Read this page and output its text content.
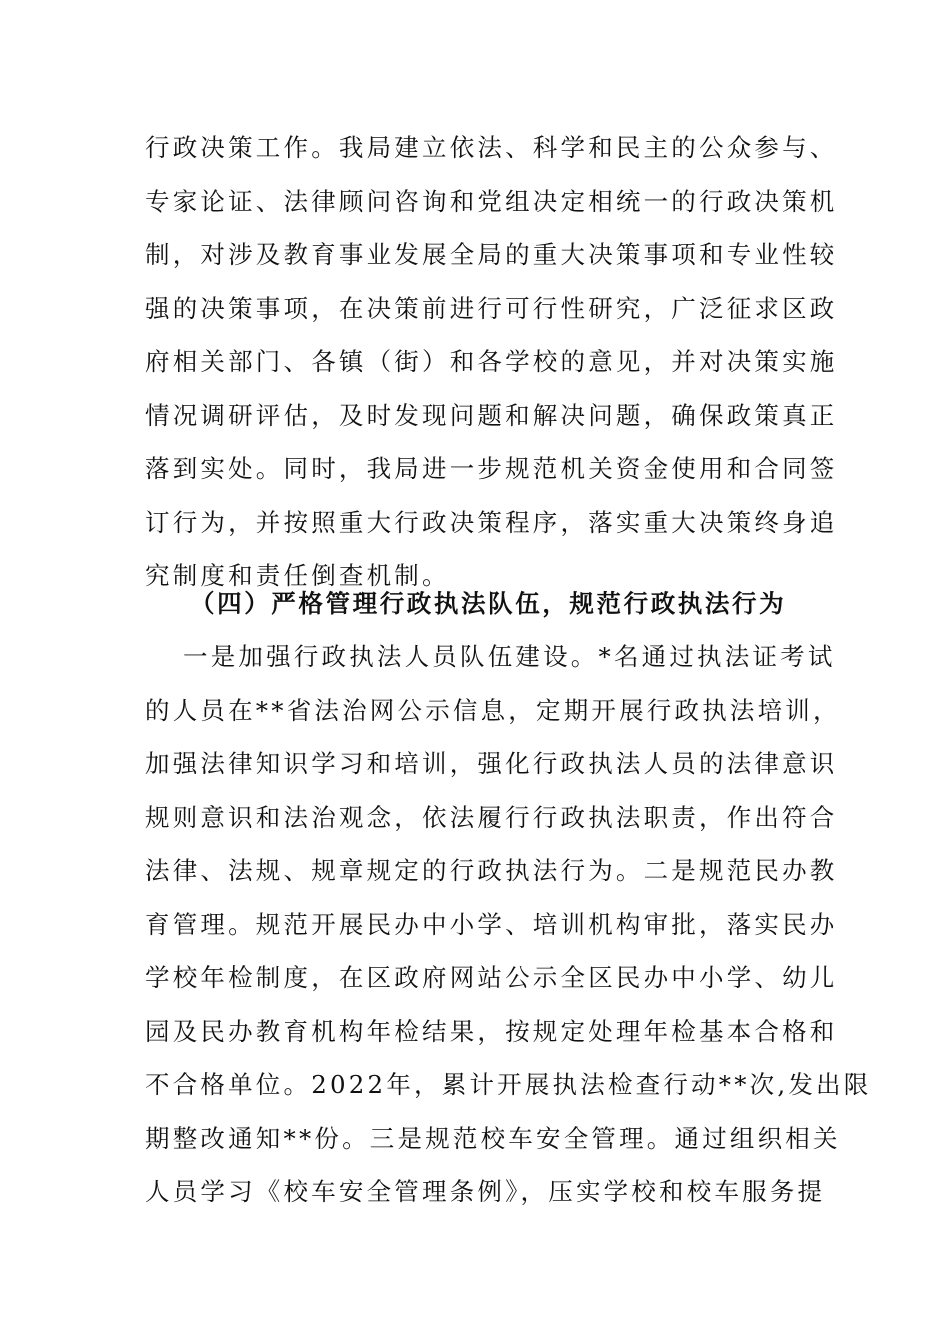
行政决策工作。我局建立依法、科学和民主的公众参与、
专家论证、法律顾问咨询和党组决定相统一的行政决策机
制，对涉及教育事业发展全局的重大决策事项和专业性较
强的决策事项，在决策前进行可行性研究，广泛征求区政
府相关部门、各镇（街）和各学校的意见，并对决策实施
情况调研评估，及时发现问题和解决问题，确保政策真正
落到实处。同时，我局进一步规范机关资金使用和合同签
订行为，并按照重大行政决策程序，落实重大决策终身追
究制度和责任倒查机制。
（四）严格管理行政执法队伍，规范行政执法行为
一是加强行政执法人员队伍建设。*名通过执法证考试
的人员在**省法治网公示信息，定期开展行政执法培训，
加强法律知识学习和培训，强化行政执法人员的法律意识
规则意识和法治观念，依法履行行政执法职责，作出符合
法律、法规、规章规定的行政执法行为。二是规范民办教
育管理。规范开展民办中小学、培训机构审批，落实民办
学校年检制度，在区政府网站公示全区民办中小学、幼儿
园及民办教育机构年检结果，按规定处理年检基本合格和
不合格单位。2022年，累计开展执法检查行动**次,发出限
期整改通知**份。三是规范校车安全管理。通过组织相关
人员学习《校车安全管理条例》，压实学校和校车服务提
